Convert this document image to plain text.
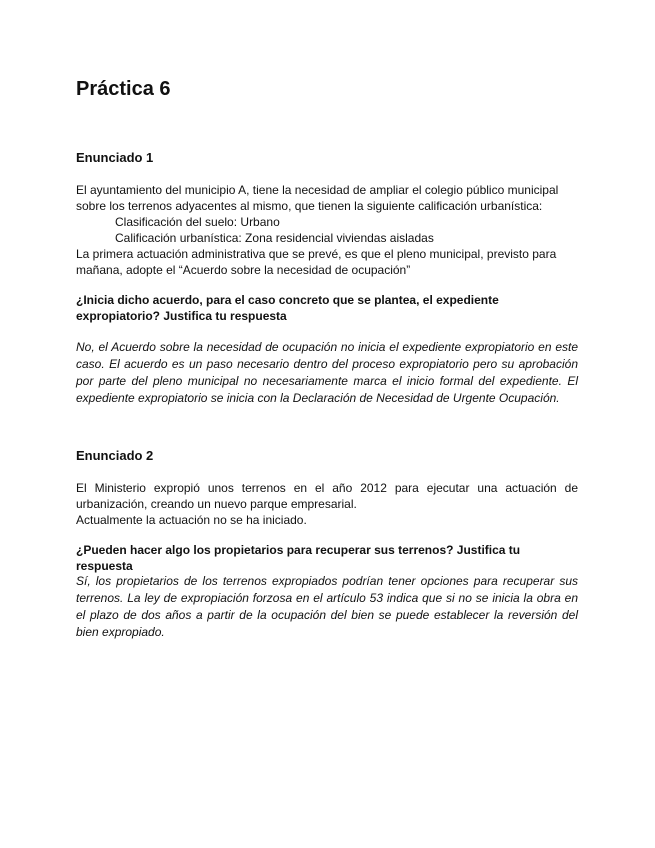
Práctica 6
Enunciado 1

El ayuntamiento del municipio A, tiene la necesidad de ampliar el colegio público municipal sobre los terrenos adyacentes al mismo, que tienen la siguiente calificación urbanística:

Clasificación del suelo: Urbano

Calificación urbanística: Zona residencial viviendas aisladas

La primera actuación administrativa que se prevé, es que el pleno municipal, previsto para mañana, adopte el “Acuerdo sobre la necesidad de ocupación”

¿Inicia dicho acuerdo, para el caso concreto que se plantea, el expediente expropiatorio? Justifica tu respuesta
No, el Acuerdo sobre la necesidad de ocupación no inicia el expediente expropiatorio en este caso. El acuerdo es un paso necesario dentro del proceso expropiatorio pero su aprobación por parte del pleno municipal no necesariamente marca el inicio formal del expediente. El expediente expropiatorio se inicia con la Declaración de Necesidad de Urgente Ocupación.
Enunciado 2

El Ministerio expropió unos terrenos en el año 2012 para ejecutar una actuación de urbanización, creando un nuevo parque empresarial.

Actualmente la actuación no se ha iniciado.

¿Pueden hacer algo los propietarios para recuperar sus terrenos? Justifica tu respuesta
Sí, los propietarios de los terrenos expropiados podrían tener opciones para recuperar sus terrenos. La ley de expropiación forzosa en el artículo 53 indica que si no se inicia la obra en el plazo de dos años a partir de la ocupación del bien se puede establecer la reversión del bien expropiado.
